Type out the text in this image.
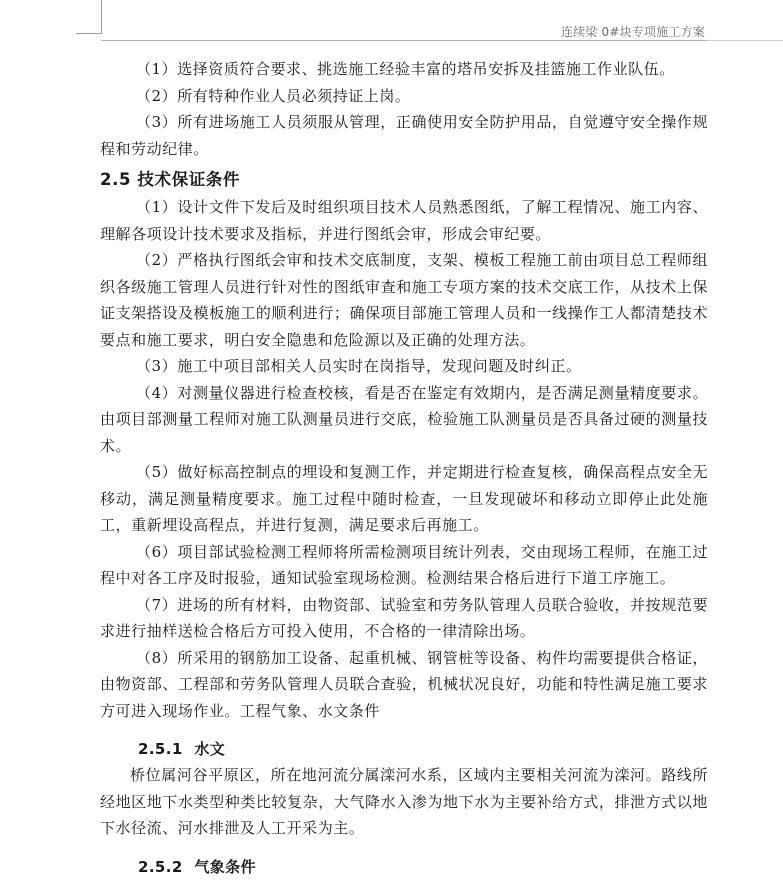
连续梁 0#块专项施工方案

（1）选择资质符合要求、挑选施工经验丰富的塔吊安拆及挂篮施工作业队伍。

（2）所有特种作业人员必须持证上岗。

（3）所有进场施工人员须服从管理，正确使用安全防护用品，自觉遵守安全操作规程和劳动纪律。

2.5 技术保证条件

（1）设计文件下发后及时组织项目技术人员熟悉图纸，了解工程情况、施工内容、理解各项设计技术要求及指标，并进行图纸会审，形成会审纪要。

（2）严格执行图纸会审和技术交底制度，支架、模板工程施工前由项目总工程师组织各级施工管理人员进行针对性的图纸审查和施工专项方案的技术交底工作，从技术上保证支架搭设及模板施工的顺利进行；确保项目部施工管理人员和一线操作工人都清楚技术要点和施工要求，明白安全隐患和危险源以及正确的处理方法。

（3）施工中项目部相关人员实时在岗指导，发现问题及时纠正。

（4）对测量仪器进行检查校核，看是否在鉴定有效期内，是否满足测量精度要求。由项目部测量工程师对施工队测量员进行交底，检验施工队测量员是否具备过硬的测量技术。

（5）做好标高控制点的埋设和复测工作，并定期进行检查复核，确保高程点安全无移动，满足测量精度要求。施工过程中随时检查，一旦发现破坏和移动立即停止此处施工，重新埋设高程点，并进行复测，满足要求后再施工。

（6）项目部试验检测工程师将所需检测项目统计列表，交由现场工程师，在施工过程中对各工序及时报验，通知试验室现场检测。检测结果合格后进行下道工序施工。

（7）进场的所有材料，由物资部、试验室和劳务队管理人员联合验收，并按规范要求进行抽样送检合格后方可投入使用，不合格的一律清除出场。

（8）所采用的钢筋加工设备、起重机械、钢管桩等设备、构件均需要提供合格证，由物资部、工程部和劳务队管理人员联合查验，机械状况良好，功能和特性满足施工要求方可进入现场作业。工程气象、水文条件

2.5.1 水文

桥位属河谷平原区，所在地河流分属滦河水系，区域内主要相关河流为滦河。路线所经地区地下水类型种类比较复杂，大气降水入渗为地下水为主要补给方式，排泄方式以地下水径流、河水排泄及人工开采为主。

2.5.2 气象条件
